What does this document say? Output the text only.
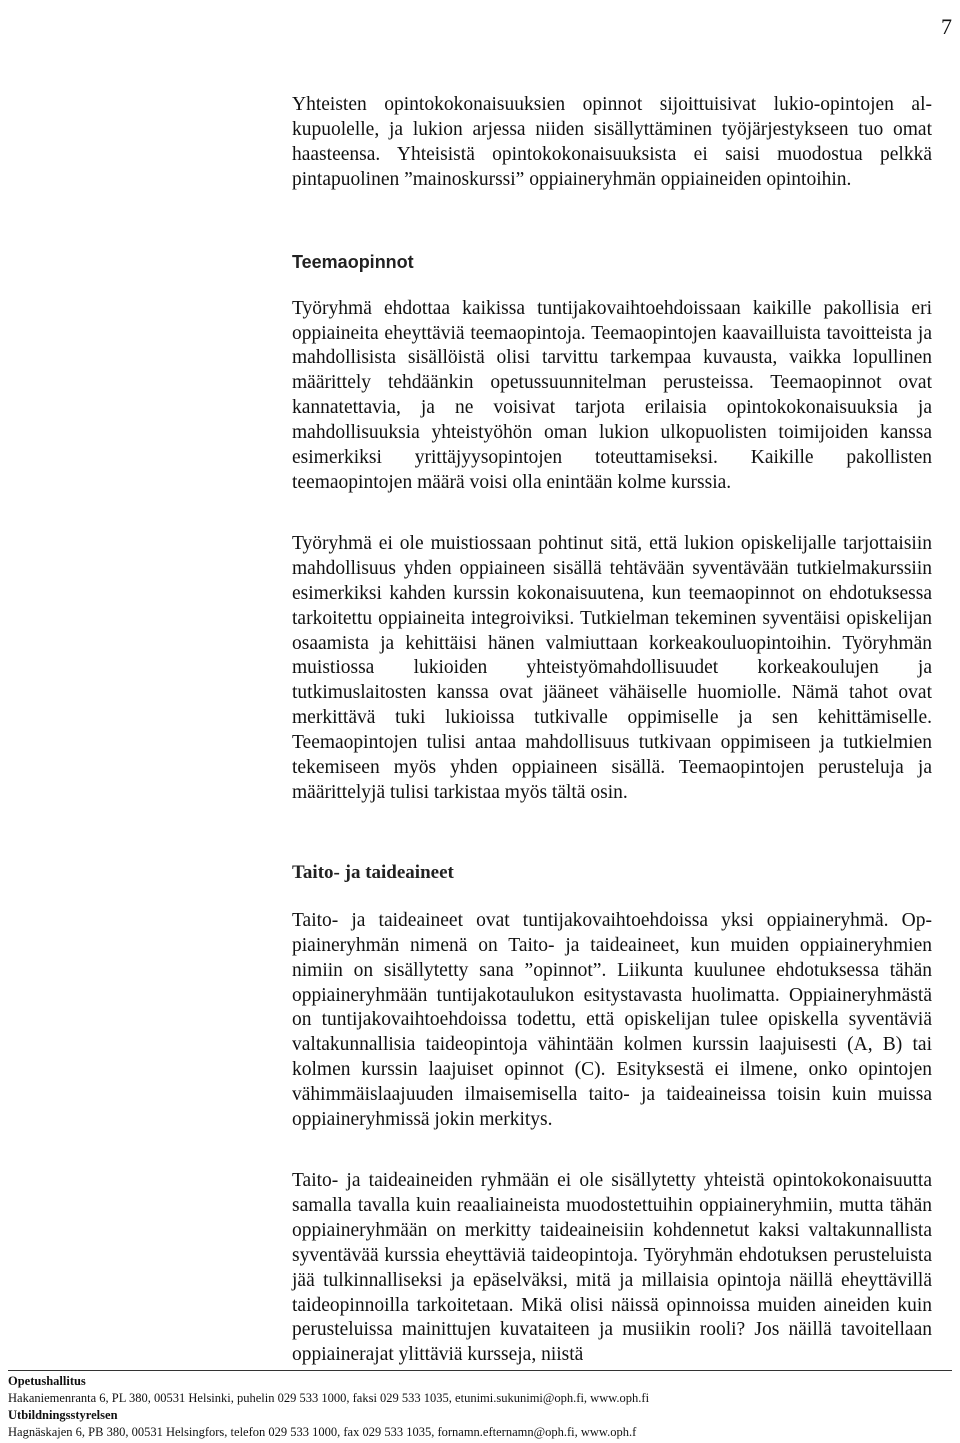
7

Yhteisten opintokokonaisuuksien opinnot sijoittuisivat lukio-opintojen alkupuolelle, ja lukion arjessa niiden sisällyttäminen työjärjestykseen tuo omat haasteensa. Yhteisistä opintokokonaisuuksista ei saisi muodostua pelkkä pintapuolinen ”mainoskurssi” oppiaineryhmän oppiaineiden opintoihin.

Teemaopinnot

Työryhmä ehdottaa kaikissa tuntijakovaihtoehdoissaan kaikille pakollisia eri oppiaineita eheyttäviä teemaopintoja. Teemaopintojen kaavailluista tavoitteista ja mahdollisista sisällöistä olisi tarvittu tarkempaa kuvausta, vaikka lopullinen määrittely tehdäänkin opetussuunnitelman perusteissa. Teemaopinnot ovat kannatettavia, ja ne voisivat tarjota erilaisia opintokokonaisuuksia ja mahdollisuuksia yhteistyöhön oman lukion ulkopuolisten toimijoiden kanssa esimerkiksi yrittäjyysopintojen toteuttamiseksi. Kaikille pakollisten teemaopintojen määrä voisi olla enintään kolme kurssia.

Työryhmä ei ole muistiossaan pohtinut sitä, että lukion opiskelijalle tarjottaisiin mahdollisuus yhden oppiaineen sisällä tehtävään syventävään tutkielmakurssiin esimerkiksi kahden kurssin kokonaisuutena, kun teemaopinnot on ehdotuksessa tarkoitettu oppiaineita integroiviksi. Tutkielman tekeminen syventäisi opiskelijan osaamista ja kehittäisi hänen valmiuttaan korkeakouluopintoihin. Työryhmän muistiossa lukioiden yhteistyömahdollisuudet korkeakoulujen ja tutkimuslaitosten kanssa ovat jääneet vähäiselle huomiolle. Nämä tahot ovat merkittävä tuki lukioissa tutkivalle oppimiselle ja sen kehittämiselle. Teemaopintojen tulisi antaa mahdollisuus tutkivaan oppimiseen ja tutkielmien tekemiseen myös yhden oppiaineen sisällä. Teemaopintojen perusteluja ja määrittelyjä tulisi tarkistaa myös tältä osin.

Taito- ja taideaineet

Taito- ja taideaineet ovat tuntijakovaihtoehdoissa yksi oppiaineryhmä. Oppiaineryhmän nimenä on Taito- ja taideaineet, kun muiden oppiaineryhmien nimiin on sisällytetty sana ”opinnot”. Liikunta kuulunee ehdotuksessa tähän oppiaineryhmään tuntijakotaulukon esitystavasta huolimatta. Oppiaineryhmästä on tuntijakovaihtoehdoissa todettu, että opiskelijan tulee opiskella syventäviä valtakunnallisia taideopintoja vähintään kolmen kurssin laajuisesti (A, B) tai kolmen kurssin laajuiset opinnot (C). Esityksestä ei ilmene, onko opintojen vähimmäislaajuuden ilmaisemisella taito- ja taideaineissa toisin kuin muissa oppiaineryhmissä jokin merkitys.

Taito- ja taideaineiden ryhmään ei ole sisällytetty yhteistä opintokokonaisuutta samalla tavalla kuin reaaliaineista muodostettuihin oppiaineryhmiin, mutta tähän oppiaineryhmään on merkitty taideaineisiin kohdennetut kaksi valtakunnallista syventävää kurssia eheyttäviä taideopintoja. Työryhmän ehdotuksen perusteluista jää tulkinnalliseksi ja epäselväksi, mitä ja millaisia opintoja näillä eheyttävillä taideopinnoilla tarkoitetaan. Mikä olisi näissä opinnoissa muiden aineiden kuin perusteluissa mainittujen kuvataiteen ja musiikin rooli? Jos näillä tavoitellaan oppiainerajat ylittäviä kursseja, niistä

Opetushallitus

Hakaniemenranta 6, PL 380, 00531 Helsinki, puhelin 029 533 1000, faksi 029 533 1035, etunimi.sukunimi@oph.fi, www.oph.fi

Utbildningsstyrelsen

Hagnäskajen 6, PB 380, 00531 Helsingfors, telefon 029 533 1000, fax 029 533 1035, fornamn.efternamn@oph.fi, www.oph.f
